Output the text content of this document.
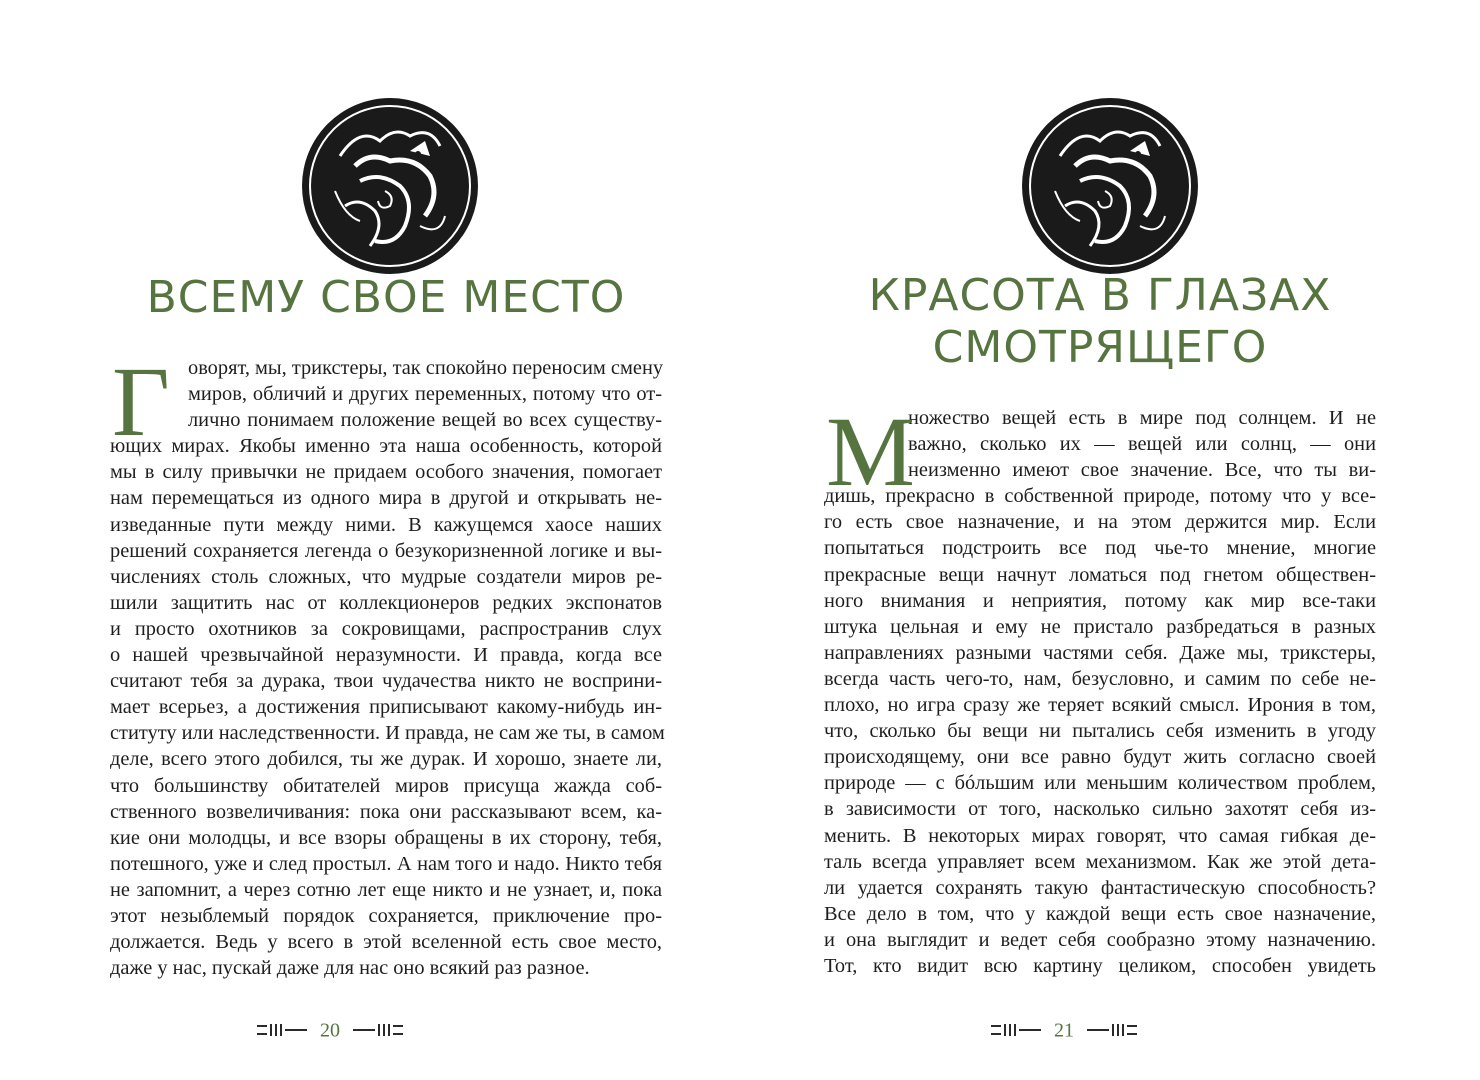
ВСЕМУ СВОЕ МЕСТО
Г оворят, мы, трикстеры, так спокойно переносим смену
миров, обличий и других переменных, потому что от-
лично понимаем положение вещей во всех существу-
ющих мирах. Якобы именно эта наша особенность, которой
мы в силу привычки не придаем особого значения, помогает
нам перемещаться из одного мира в другой и открывать не-
изведанные пути между ними. В кажущемся хаосе наших
решений сохраняется легенда о безукоризненной логике и вы-
числениях столь сложных, что мудрые создатели миров ре-
шили защитить нас от коллекционеров редких экспонатов
и просто охотников за сокровищами, распространив слух
о нашей чрезвычайной неразумности. И правда, когда все
считают тебя за дурака, твои чудачества никто не восприни-
мает всерьез, а достижения приписывают какому-нибудь ин-
ституту или наследственности. И правда, не сам же ты, в самом
деле, всего этого добился, ты же дурак. И хорошо, знаете ли,
что большинству обитателей миров присуща жажда соб-
ственного возвеличивания: пока они рассказывают всем, ка-
кие они молодцы, и все взоры обращены в их сторону, тебя,
потешного, уже и след простыл. А нам того и надо. Никто тебя
не запомнит, а через сотню лет еще никто и не узнает, и, пока
этот незыблемый порядок сохраняется, приключение про-
должается. Ведь у всего в этой вселенной есть свое место,
даже у нас, пускай даже для нас оно всякий раз разное.
20
КРАСОТА В ГЛАЗАХ
СМОТРЯЩЕГО
М
ножество вещей есть в мире под солнцем. И не
важно, сколько их — вещей или солнц, — они
неизменно имеют свое значение. Все, что ты ви-
дишь, прекрасно в собственной природе, потому что у все-
го есть свое назначение, и на этом держится мир. Если
попытаться подстроить все под чье-то мнение, многие
прекрасные вещи начнут ломаться под гнетом обществен-
ного внимания и неприятия, потому как мир все-таки
штука цельная и ему не пристало разбредаться в разных
направлениях разными частями себя. Даже мы, трикстеры,
всегда часть чего-то, нам, безусловно, и самим по себе не-
плохо, но игра сразу же теряет всякий смысл. Ирония в том,
что, сколько бы вещи ни пытались себя изменить в угоду
происходящему, они все равно будут жить согласно своей
природе — с бóльшим или меньшим количеством проблем,
в зависимости от того, насколько сильно захотят себя из-
менить. В некоторых мирах говорят, что самая гибкая де-
таль всегда управляет всем механизмом. Как же этой дета-
ли удается сохранять такую фантастическую способность?
Все дело в том, что у каждой вещи есть свое назначение,
и она выглядит и ведет себя сообразно этому назначению.
Тот, кто видит всю картину целиком, способен увидеть
21
